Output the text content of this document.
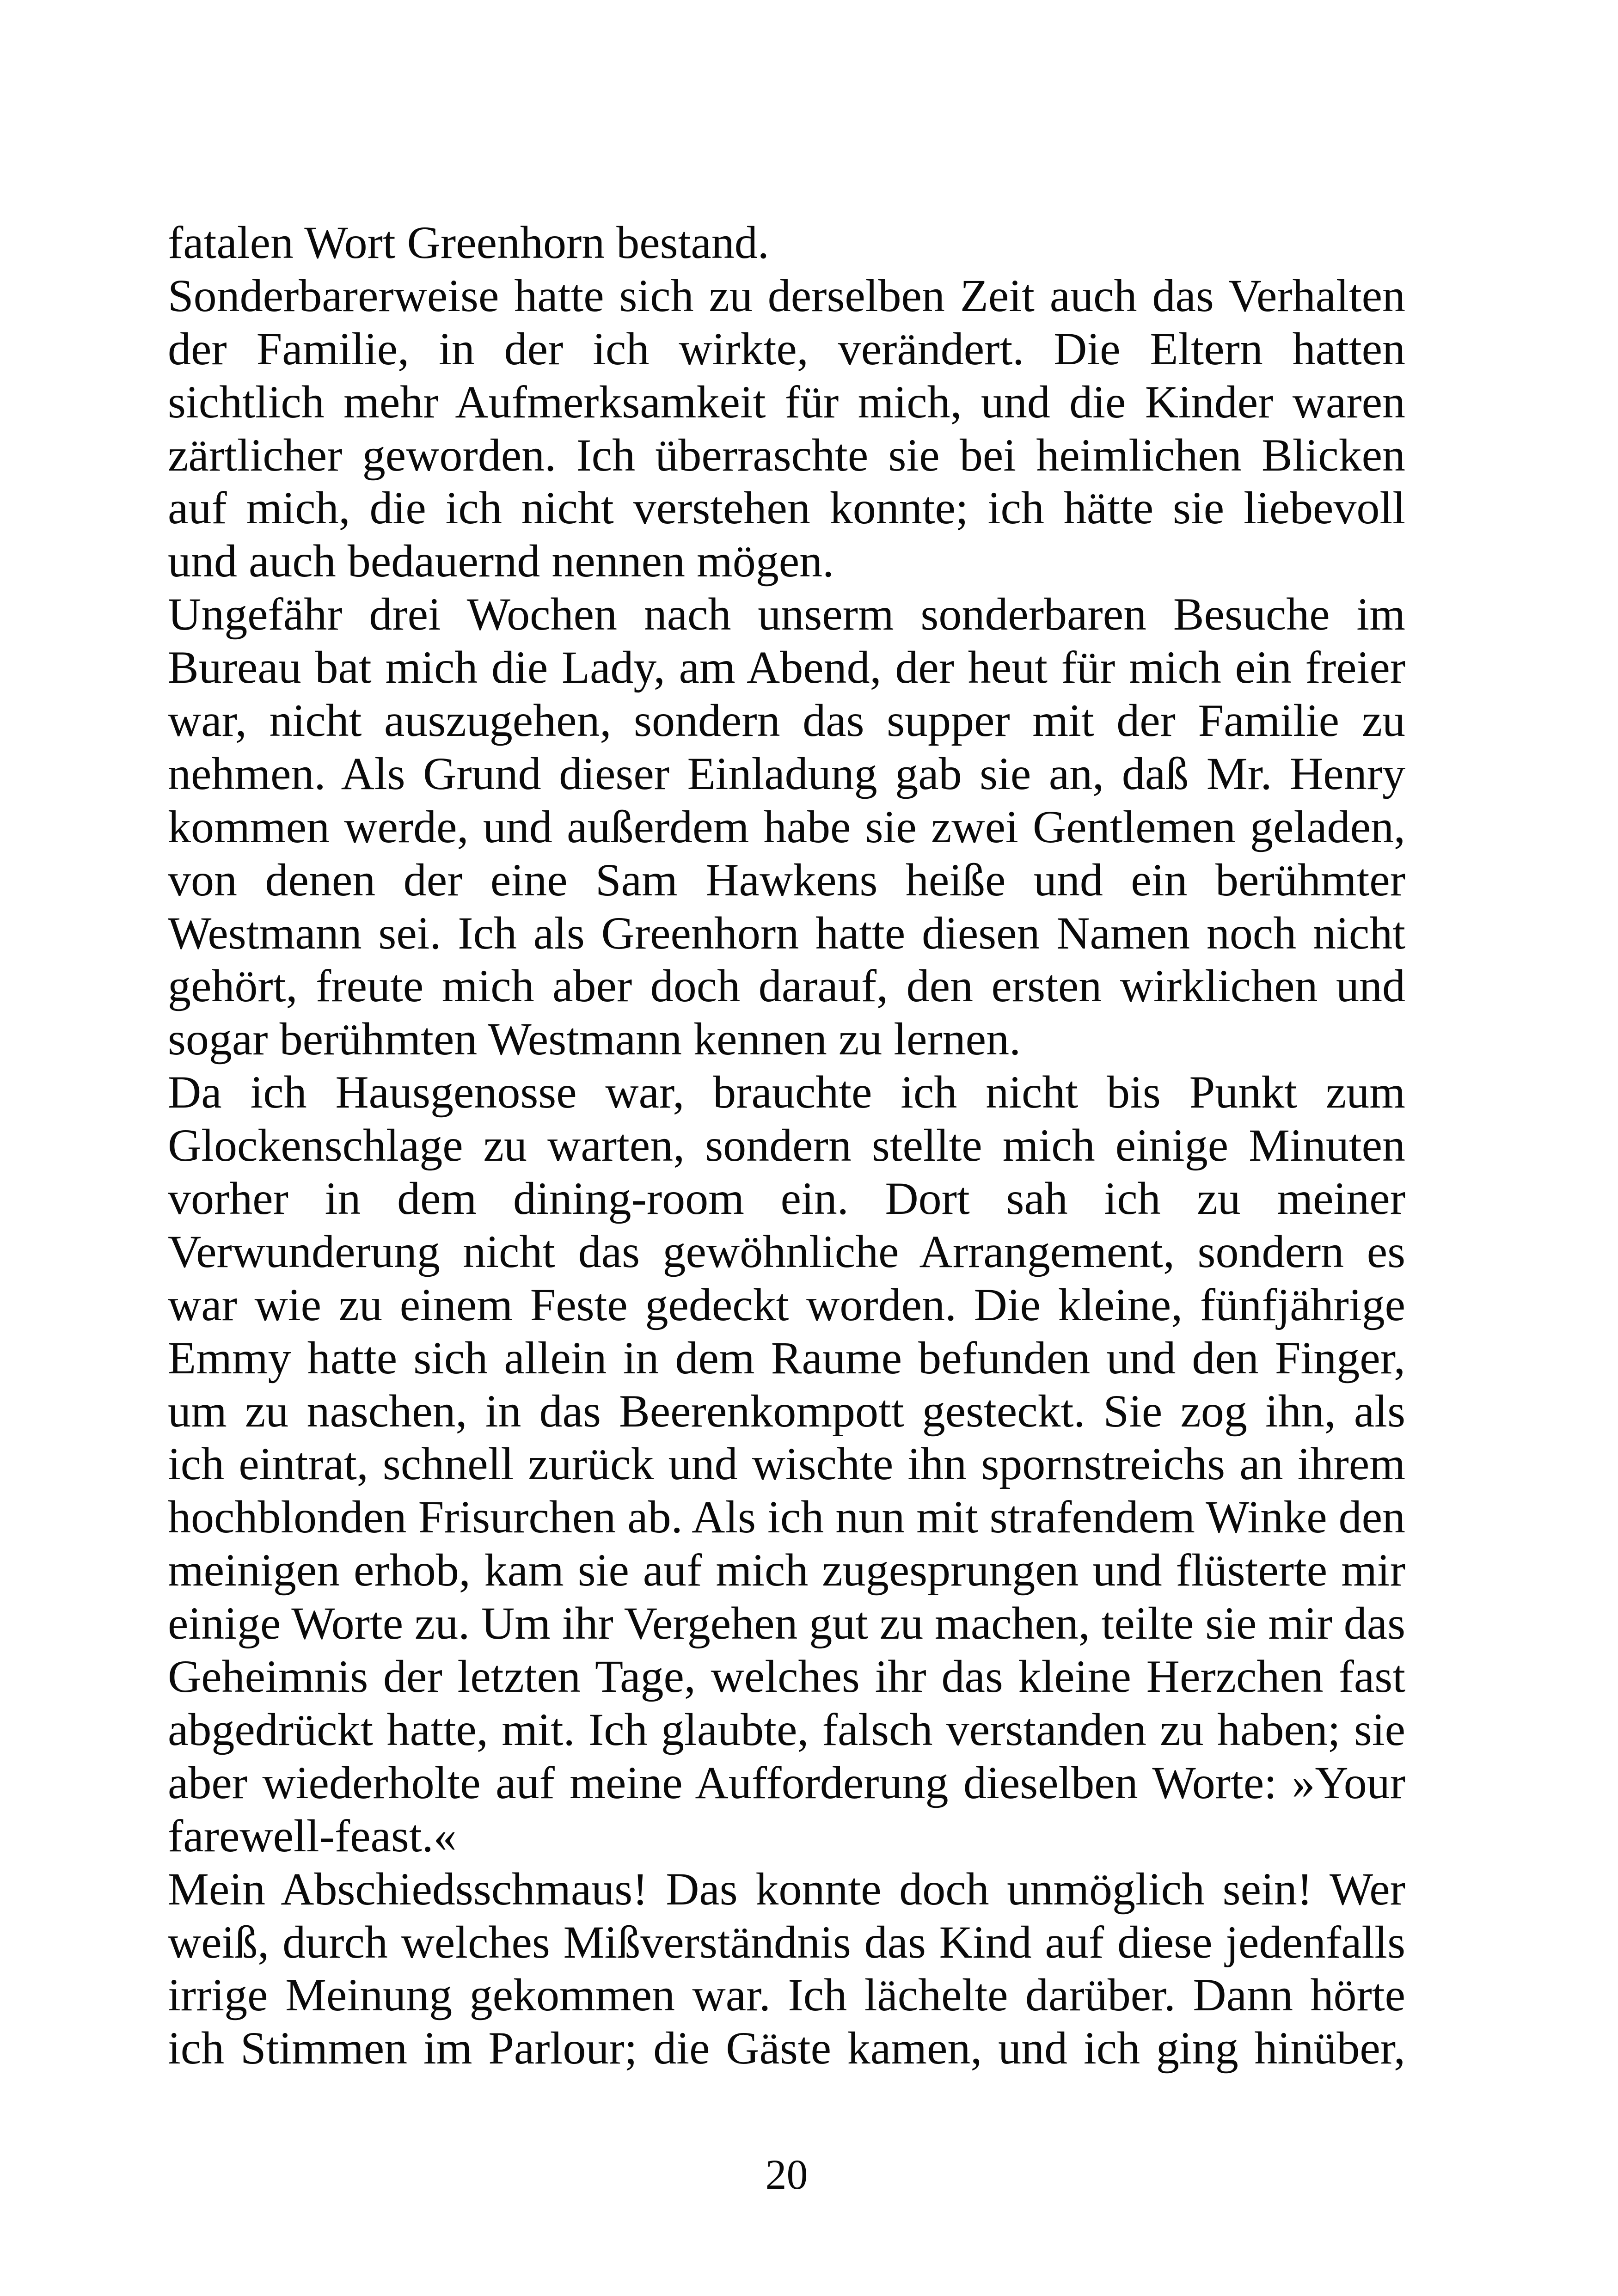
fatalen Wort Greenhorn bestand.
Sonderbarerweise hatte sich zu derselben Zeit auch das Verhalten
der Familie, in der ich wirkte, verändert. Die Eltern hatten
sichtlich mehr Aufmerksamkeit für mich, und die Kinder waren
zärtlicher geworden. Ich überraschte sie bei heimlichen Blicken
auf mich, die ich nicht verstehen konnte; ich hätte sie liebevoll
und auch bedauernd nennen mögen.
Ungefähr drei Wochen nach unserm sonderbaren Besuche im
Bureau bat mich die Lady, am Abend, der heut für mich ein freier
war, nicht auszugehen, sondern das supper mit der Familie zu
nehmen. Als Grund dieser Einladung gab sie an, daß Mr. Henry
kommen werde, und außerdem habe sie zwei Gentlemen geladen,
von denen der eine Sam Hawkens heiße und ein berühmter
Westmann sei. Ich als Greenhorn hatte diesen Namen noch nicht
gehört, freute mich aber doch darauf, den ersten wirklichen und
sogar berühmten Westmann kennen zu lernen.
Da ich Hausgenosse war, brauchte ich nicht bis Punkt zum
Glockenschlage zu warten, sondern stellte mich einige Minuten
vorher in dem dining-room ein. Dort sah ich zu meiner
Verwunderung nicht das gewöhnliche Arrangement, sondern es
war wie zu einem Feste gedeckt worden. Die kleine, fünfjährige
Emmy hatte sich allein in dem Raume befunden und den Finger,
um zu naschen, in das Beerenkompott gesteckt. Sie zog ihn, als
ich eintrat, schnell zurück und wischte ihn spornstreichs an ihrem
hochblonden Frisurchen ab. Als ich nun mit strafendem Winke den
meinigen erhob, kam sie auf mich zugesprungen und flüsterte mir
einige Worte zu. Um ihr Vergehen gut zu machen, teilte sie mir das
Geheimnis der letzten Tage, welches ihr das kleine Herzchen fast
abgedrückt hatte, mit. Ich glaubte, falsch verstanden zu haben; sie
aber wiederholte auf meine Aufforderung dieselben Worte: »Your
farewell-feast.«
Mein Abschiedsschmaus! Das konnte doch unmöglich sein! Wer
weiß, durch welches Mißverständnis das Kind auf diese jedenfalls
irrige Meinung gekommen war. Ich lächelte darüber. Dann hörte
ich Stimmen im Parlour; die Gäste kamen, und ich ging hinüber,
20
